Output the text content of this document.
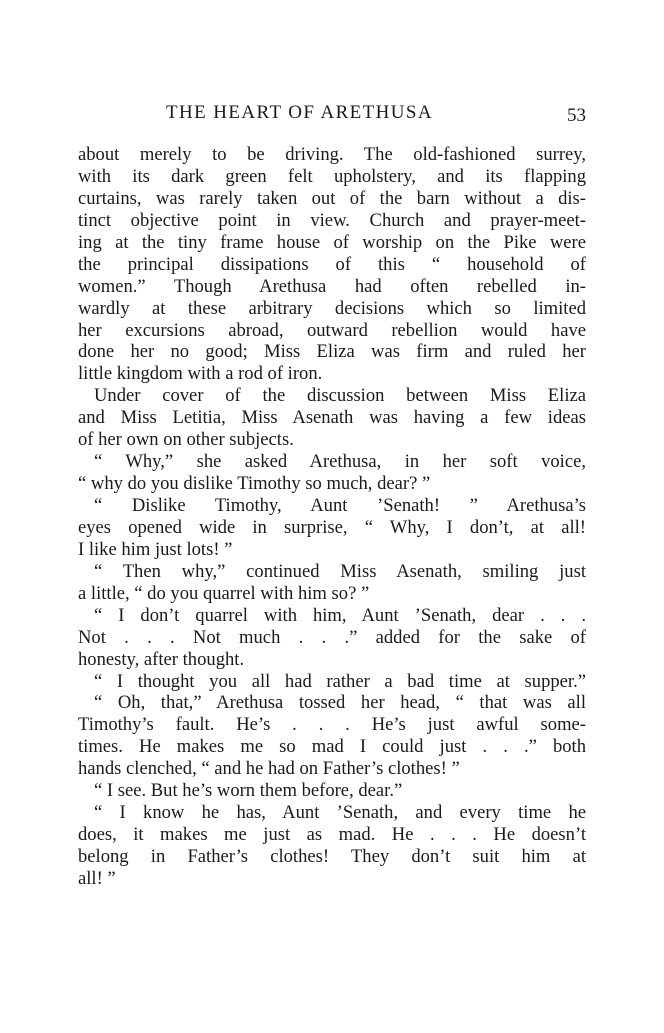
THE HEART OF ARETHUSA	53
about merely to be driving. The old-fashioned surrey,
with its dark green felt upholstery, and its flapping
curtains, was rarely taken out of the barn without a dis-
tinct objective point in view. Church and prayer-meet-
ing at the tiny frame house of worship on the Pike were
the principal dissipations of this “ household of
women.” Though Arethusa had often rebelled in-
wardly at these arbitrary decisions which so limited
her excursions abroad, outward rebellion would have
done her no good; Miss Eliza was firm and ruled her
little kingdom with a rod of iron.
Under cover of the discussion between Miss Eliza
and Miss Letitia, Miss Asenath was having a few ideas
of her own on other subjects.
“ Why,” she asked Arethusa, in her soft voice,
“ why do you dislike Timothy so much, dear? ”
“ Dislike Timothy, Aunt ’Senath! ” Arethusa’s
eyes opened wide in surprise, “ Why, I don’t, at all!
I like him just lots! ”
“ Then why,” continued Miss Asenath, smiling just
a little, “ do you quarrel with him so? ”
“ I don’t quarrel with him, Aunt ’Senath, dear . . .
Not . . . Not much . . .” added for the sake of
honesty, after thought.
“ I thought you all had rather a bad time at supper.”
“ Oh, that,” Arethusa tossed her head, “ that was all
Timothy’s fault. He’s . . . He’s just awful some-
times. He makes me so mad I could just . . .” both
hands clenched, “ and he had on Father’s clothes! ”
“ I see. But he’s worn them before, dear.”
“ I know he has, Aunt ’Senath, and every time he
does, it makes me just as mad. He . . . He doesn’t
belong in Father’s clothes! They don’t suit him at
all! ”
